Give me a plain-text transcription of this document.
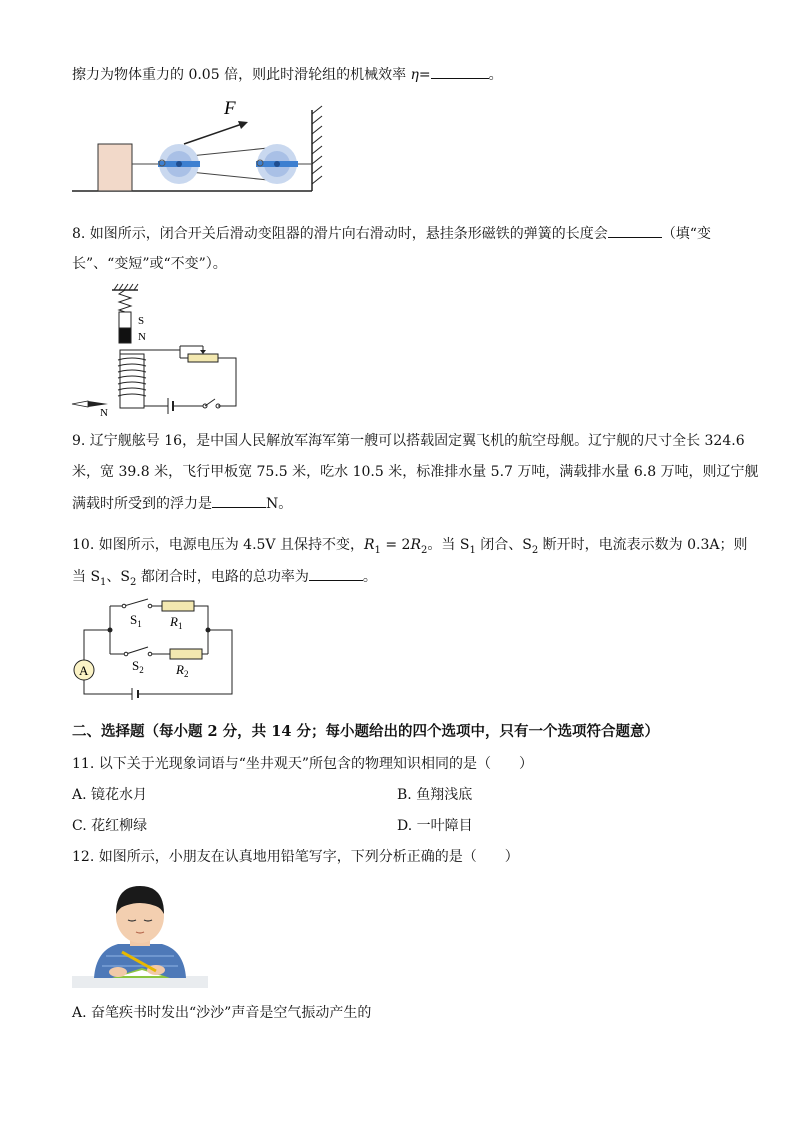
擦力为物体重力的 0.05 倍，则此时滑轮组的机械效率 η=	。
F
8. 如图所示，闭合开关后滑动变阻器的滑片向右滑动时，悬挂条形磁铁的弹簧的长度会	（填“变
长”、“变短”或“不变”）。
S
N
N
9. 辽宁舰舷号 16，是中国人民解放军海军第一艘可以搭载固定翼飞机的航空母舰。辽宁舰的尺寸全长 324.6
米，宽 39.8 米，飞行甲板宽 75.5 米，吃水 10.5 米，标准排水量 5.7 万吨，满载排水量 6.8 万吨，则辽宁舰
满载时所受到的浮力是	N。
10. 如图所示，电源电压为 4.5V 且保持不变，$R_1 = 2R_2$。当 $S_1$ 闭合、$S_2$ 断开时，电流表示数为 0.3A；则
当 $S_1$、$S_2$ 都闭合时，电路的总功率为	。
A
$S_1$ $R_1$
$S_2$ $R_2$
二、选择题（每小题 2 分，共 14 分；每小题给出的四个选项中，只有一个选项符合题意）
11. 以下关于光现象词语与“坐井观天”所包含的物理知识相同的是（　　）
A. 镜花水月	B. 鱼翔浅底
C. 花红柳绿	D. 一叶障目
12. 如图所示，小朋友在认真地用铅笔写字，下列分析正确的是（　　）
A. 奋笔疾书时发出“沙沙”声音是空气振动产生的
